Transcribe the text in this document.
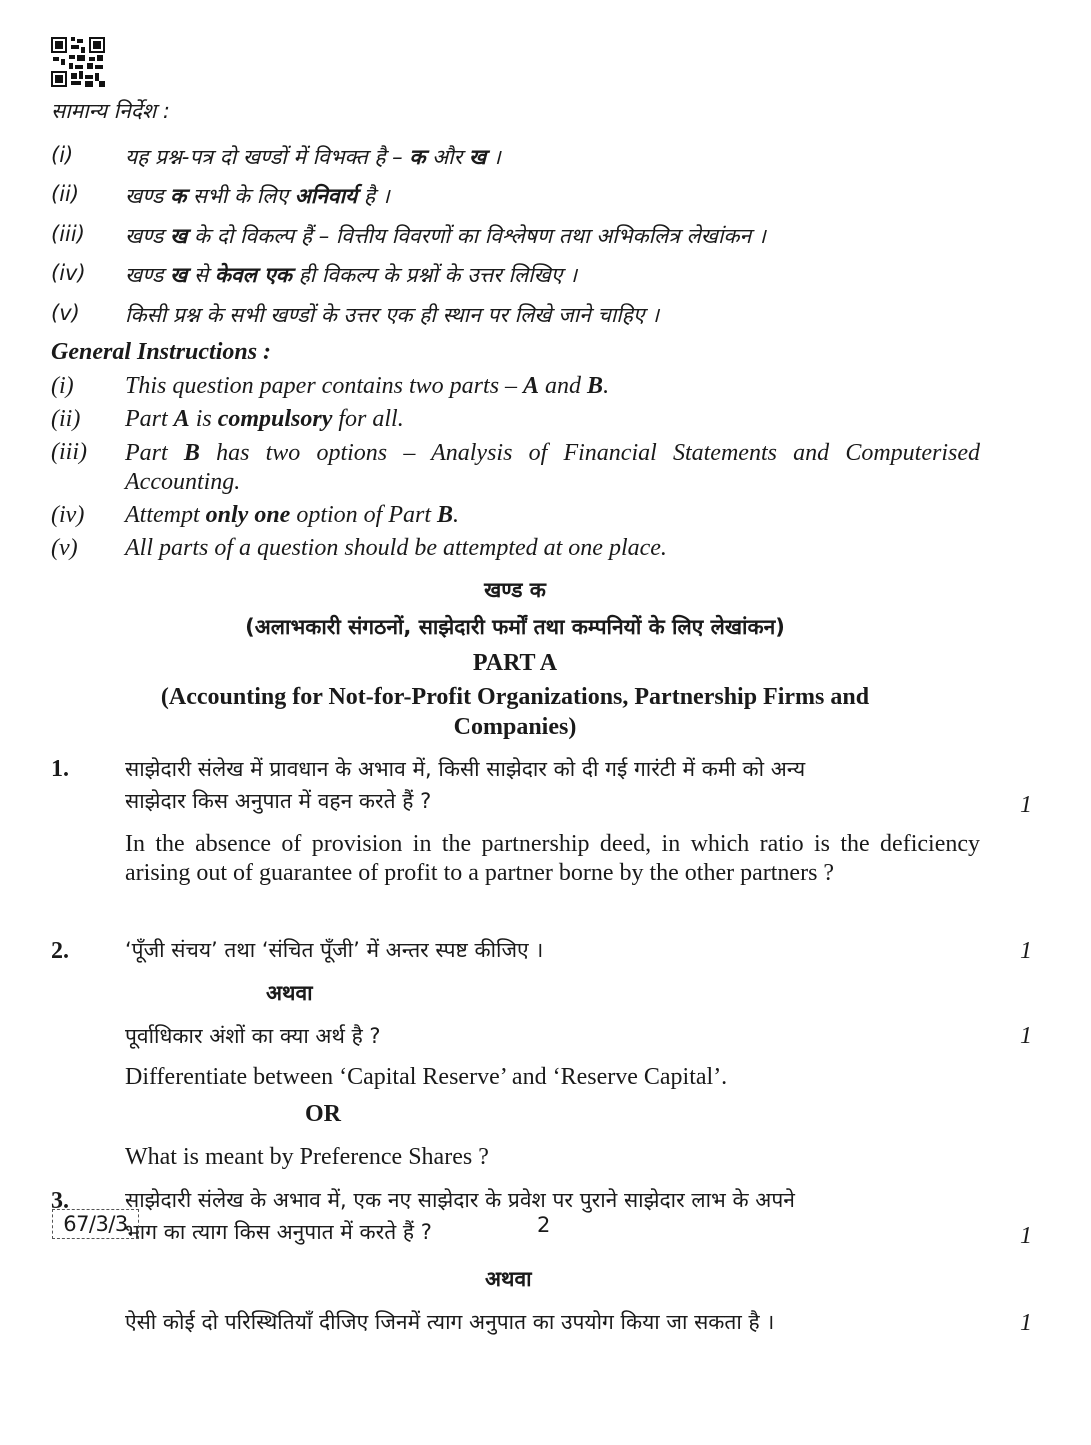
सामान्य निर्देश :
(i) यह प्रश्न-पत्र दो खण्डों में विभक्त है – क और ख ।
(ii) खण्ड क सभी के लिए अनिवार्य है ।
(iii) खण्ड ख के दो विकल्प हैं – वित्तीय विवरणों का विश्लेषण तथा अभिकलित्र लेखांकन ।
(iv) खण्ड ख से केवल एक ही विकल्प के प्रश्नों के उत्तर लिखिए ।
(v) किसी प्रश्न के सभी खण्डों के उत्तर एक ही स्थान पर लिखे जाने चाहिए ।
General Instructions :
(i) This question paper contains two parts – A and B.
(ii) Part A is compulsory for all.
(iii) Part B has two options – Analysis of Financial Statements and Computerised Accounting.
(iv) Attempt only one option of Part B.
(v) All parts of a question should be attempted at one place.
खण्ड क
(अलाभकारी संगठनों, साझेदारी फर्मों तथा कम्पनियों के लिए लेखांकन)
PART A
(Accounting for Not-for-Profit Organizations, Partnership Firms and
Companies)
1.	साझेदारी संलेख में प्रावधान के अभाव में, किसी साझेदार को दी गई गारंटी में कमी को अन्य
साझेदार किस अनुपात में वहन करते हैं ?	1
In the absence of provision in the partnership deed, in which ratio is the deficiency arising out of guarantee of profit to a partner borne by the other partners ?
2.	‘पूँजी संचय’ तथा ‘संचित पूँजी’ में अन्तर स्पष्ट कीजिए ।	1
अथवा
पूर्वाधिकार अंशों का क्या अर्थ है ?	1
Differentiate between ‘Capital Reserve’ and ‘Reserve Capital’.
OR
What is meant by Preference Shares ?
3.	साझेदारी संलेख के अभाव में, एक नए साझेदार के प्रवेश पर पुराने साझेदार लाभ के अपने
भाग का त्याग किस अनुपात में करते हैं ?	1
अथवा
ऐसी कोई दो परिस्थितियाँ दीजिए जिनमें त्याग अनुपात का उपयोग किया जा सकता है ।	1
67/3/3	2
